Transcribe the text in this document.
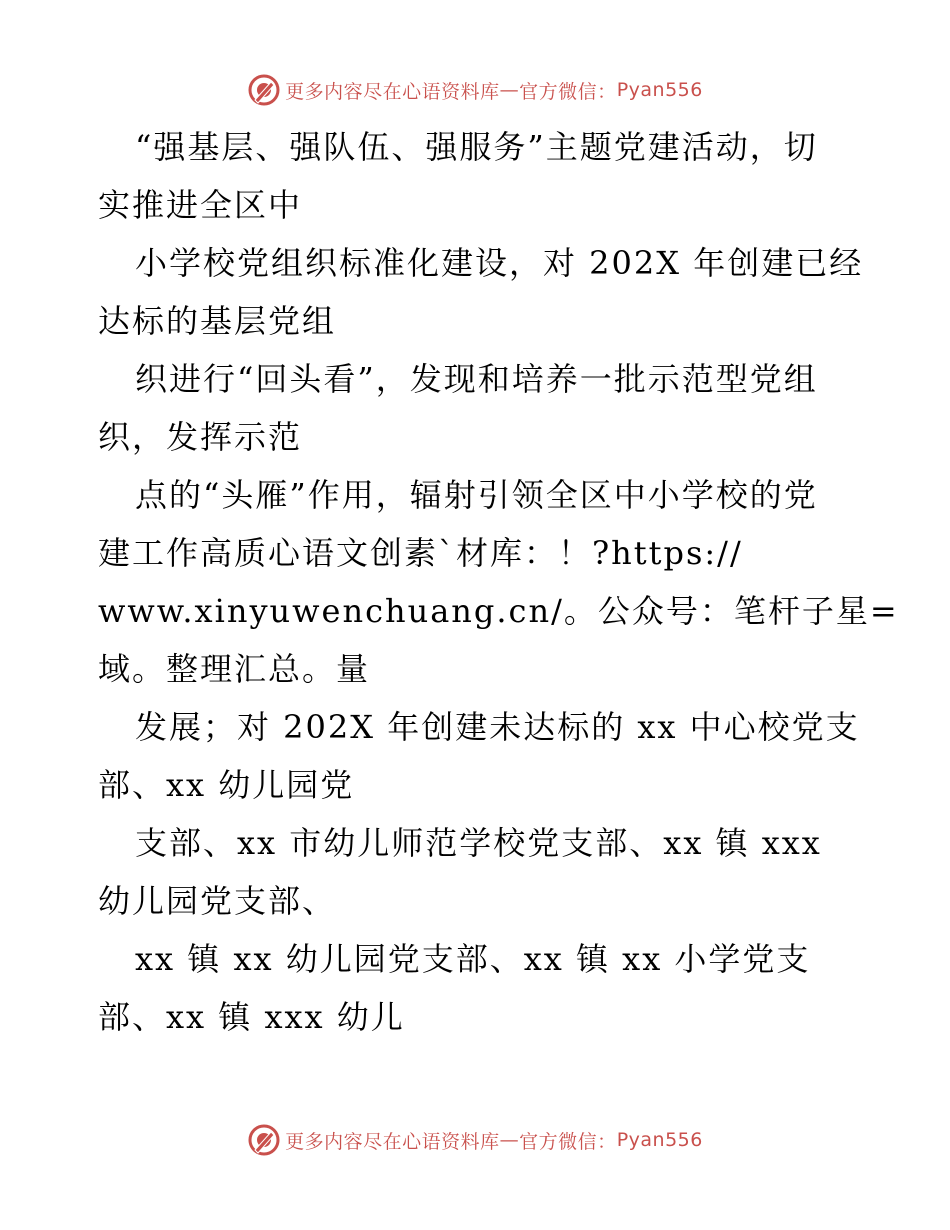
更多内容尽在心语资料库 — 官方微信： Pyan556
“强基层、强队伍、强服务”主题党建活动，切
实推进全区中
小学校党组织标准化建设，对 202X 年创建已经
达标的基层党组
织进行“回头看”，发现和培养一批示范型党组
织，发挥示范
点的“头雁”作用，辐射引领全区中小学校的党
建工作高质心语文创素`材库：！?https://
www.xinyuwenchuang.cn/。公众号：笔杆子星=
域。整理汇总。量
发展；对 202X 年创建未达标的 xx 中心校党支
部、xx 幼儿园党
支部、xx 市幼儿师范学校党支部、xx 镇 xxx
幼儿园党支部、
xx 镇 xx 幼儿园党支部、xx 镇 xx 小学党支
部、xx 镇 xxx 幼儿
更多内容尽在心语资料库 — 官方微信： Pyan556
